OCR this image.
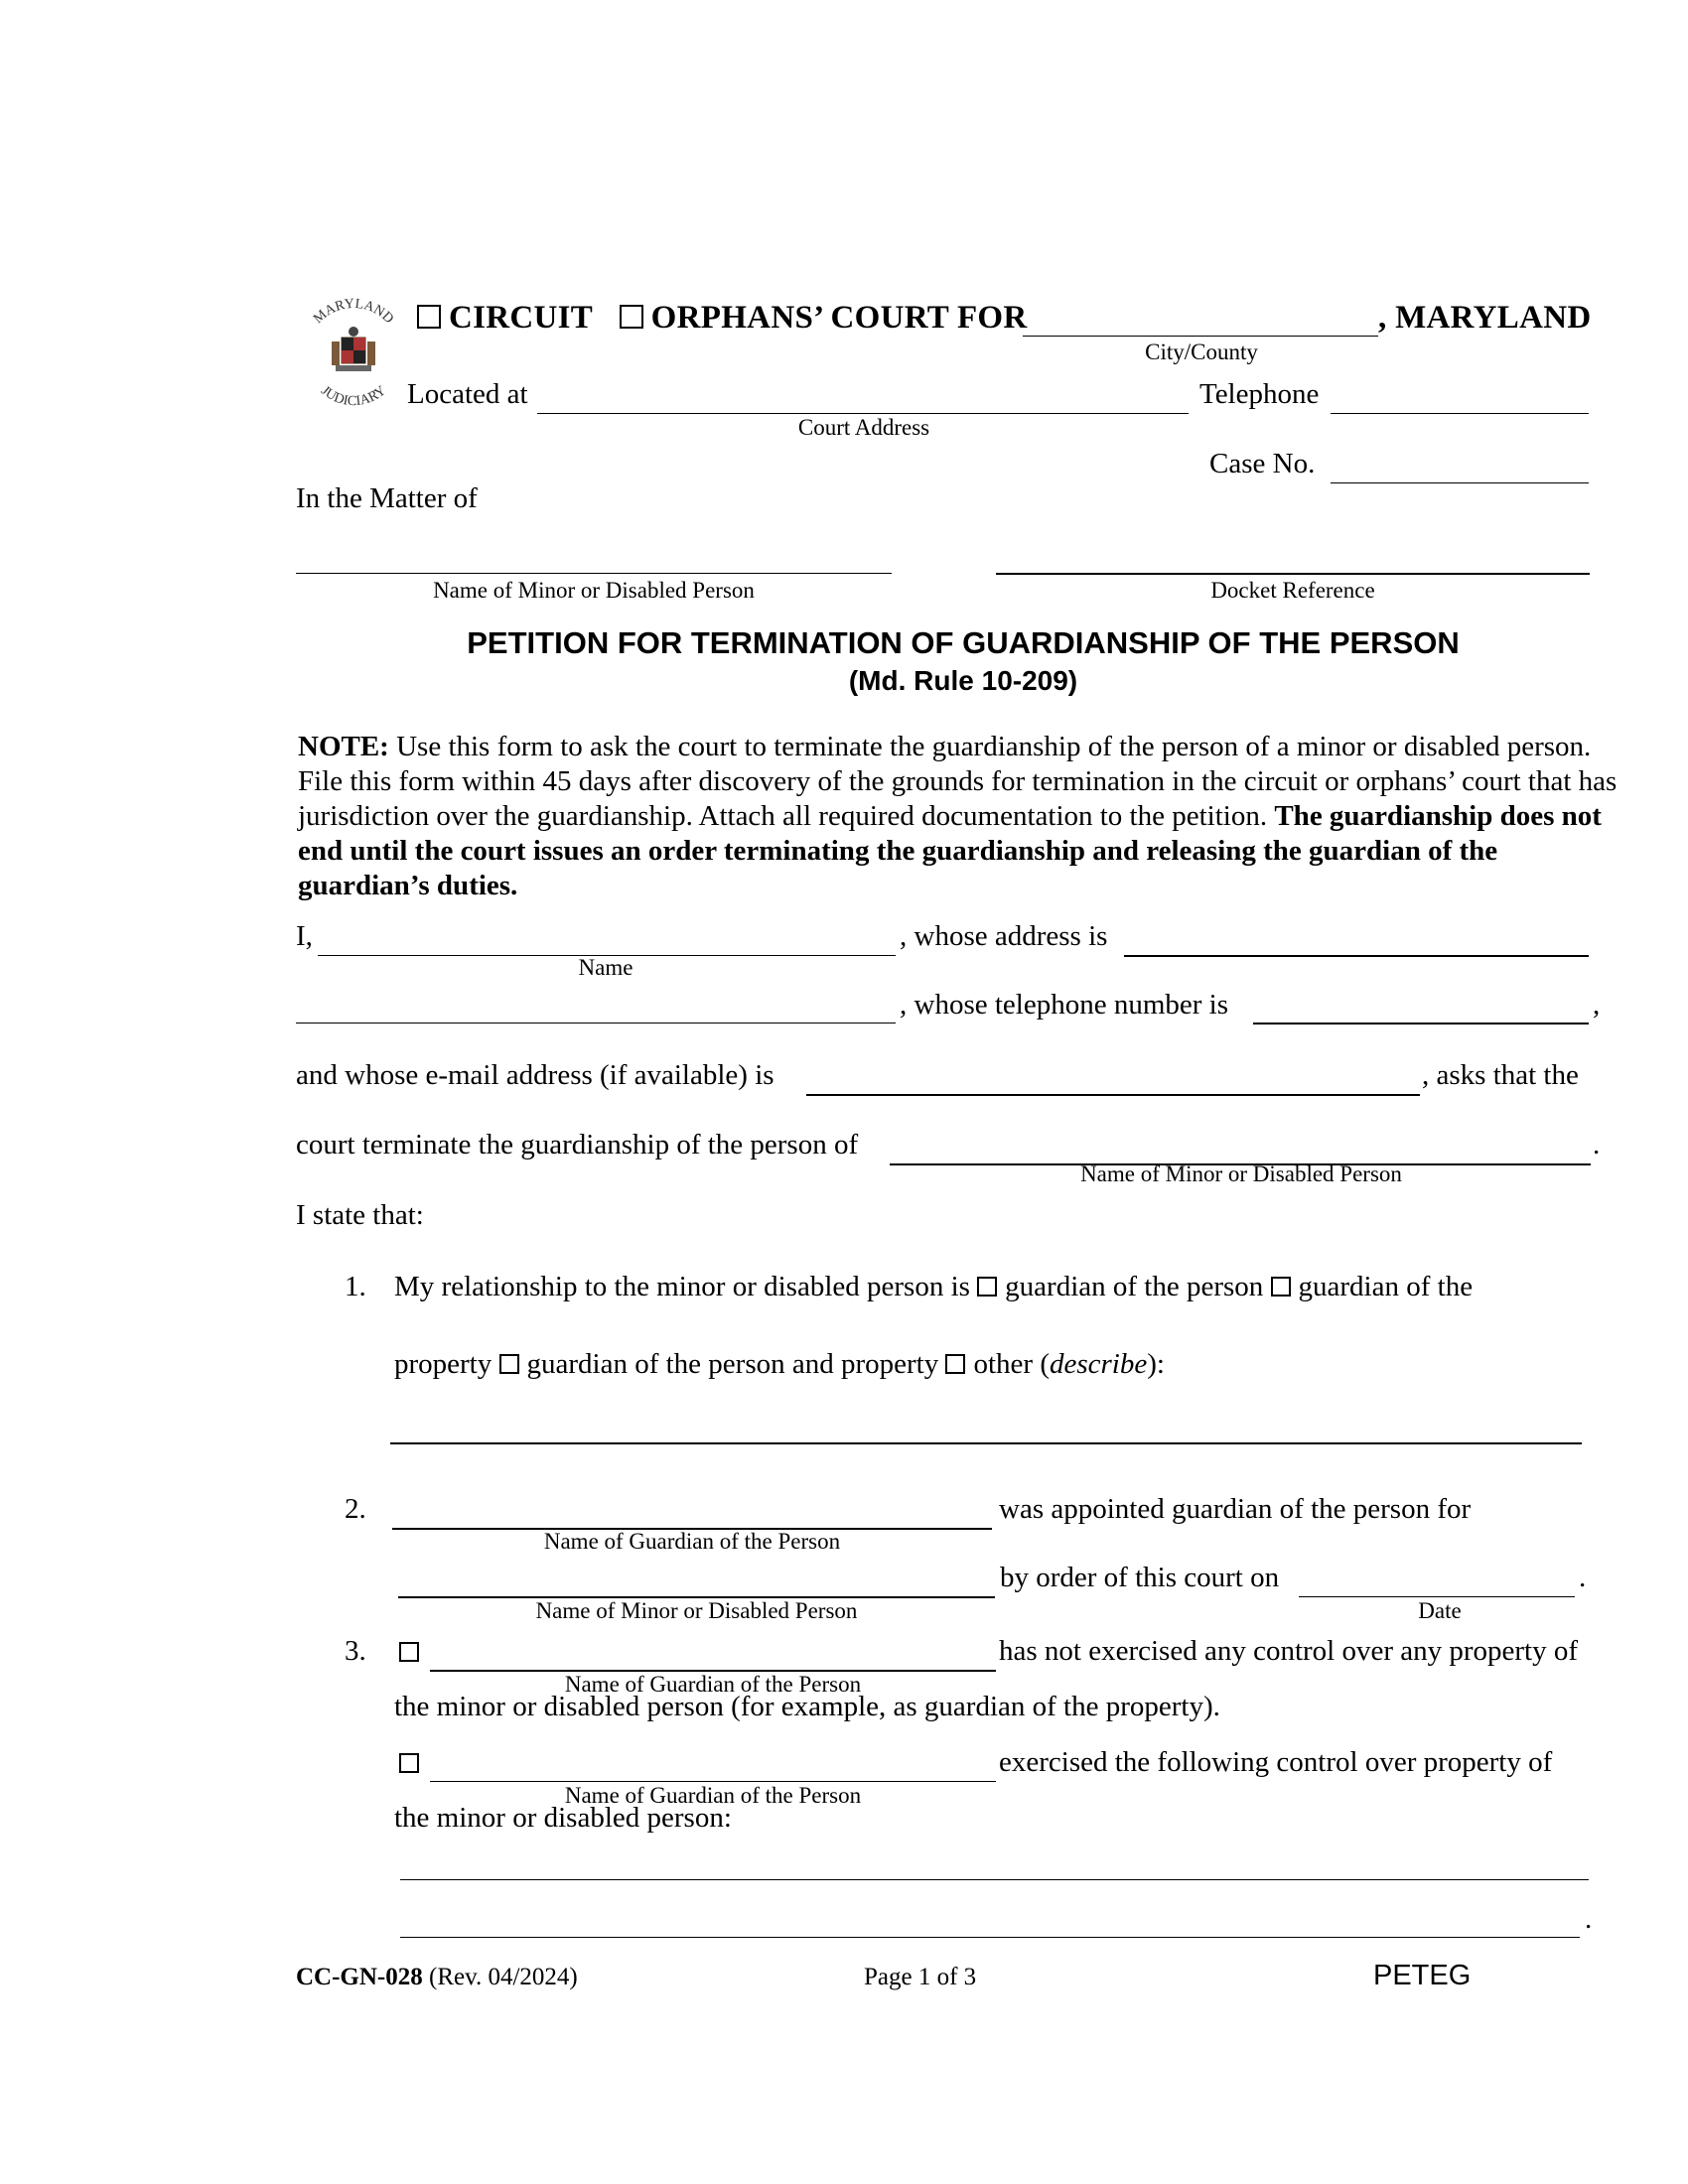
MARYLAND
JUDICIARY
CIRCUIT ORPHANS’ COURT FOR	, MARYLAND
City/County
Located at
Court Address
Telephone
Case No.
In the Matter of
Name of Minor or Disabled Person	Docket Reference
PETITION FOR TERMINATION OF GUARDIANSHIP OF THE PERSON
(Md. Rule 10-209)
NOTE: Use this form to ask the court to terminate the guardianship of the person of a minor or disabled person. File this form within 45 days after discovery of the grounds for termination in the circuit or orphans’ court that has jurisdiction over the guardianship. Attach all required documentation to the petition. The guardianship does not end until the court issues an order terminating the guardianship and releasing the guardian of the guardian’s duties.
I,
Name
, whose address is
, whose telephone number is	,
and whose e-mail address (if available) is	, asks that the
court terminate the guardianship of the person of	.
Name of Minor or Disabled Person
I state that:
1. My relationship to the minor or disabled person is guardian of the person guardian of the
property guardian of the person and property other (describe):
2.
Name of Guardian of the Person
was appointed guardian of the person for
Name of Minor or Disabled Person
by order of this court on	.
Date
3.
Name of Guardian of the Person
has not exercised any control over any property of
the minor or disabled person (for example, as guardian of the property).
Name of Guardian of the Person
exercised the following control over property of
the minor or disabled person:
.
CC-GN-028 (Rev. 04/2024)	Page 1 of 3	PETEG
